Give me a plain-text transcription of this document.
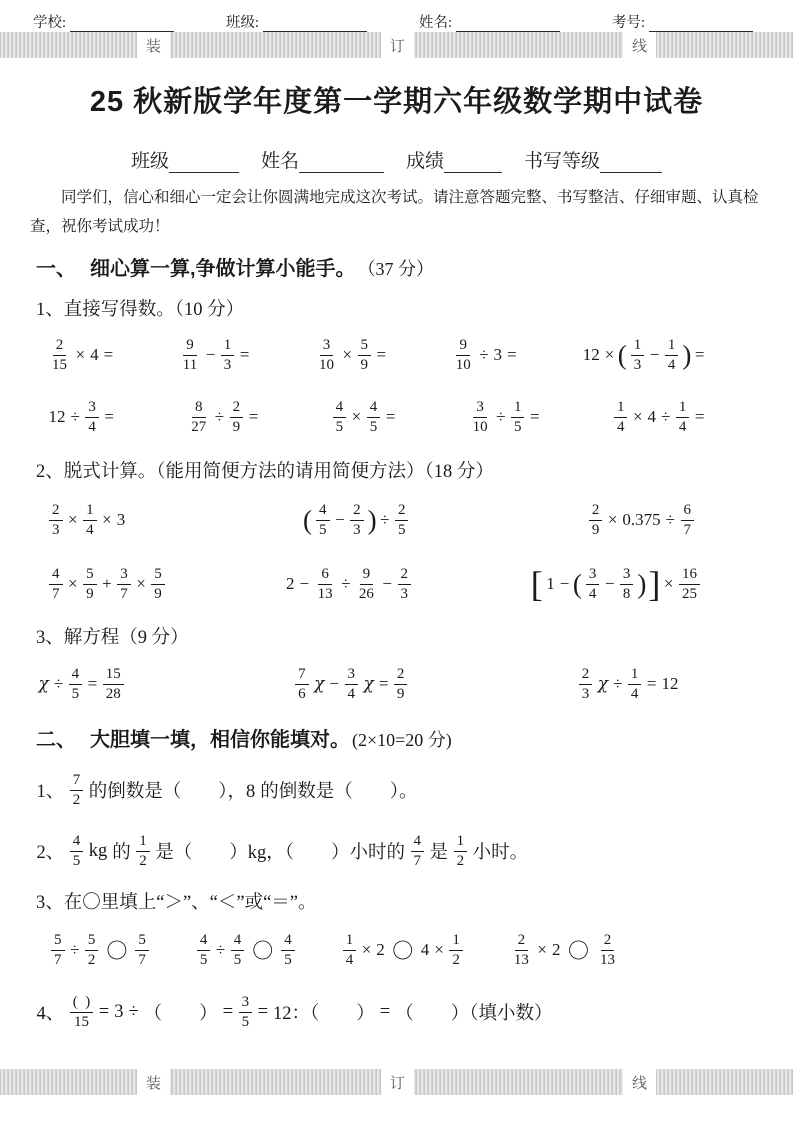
学校:	班级:	姓名:	考号:
装	订	线
25 秋新版学年度第一学期六年级数学期中试卷
班级	姓名	成绩	书写等级
同学们，信心和细心一定会让你圆满地完成这次考试。请注意答题完整、书写整洁、仔细审题、认真检查，祝你考试成功！
一、 细心算一算,争做计算小能手。 （37 分）
1、直接写得数。（10 分）
$\frac{2}{15} \times 4$ =	$\frac{9}{11} - \frac{1}{3}$ =	$\frac{3}{10} \times \frac{5}{9}$ =	$\frac{9}{10} \div 3$ =	12 × ( $\frac{1}{3} - \frac{1}{4}$ ) =
$12 \div \frac{3}{4}$ =	$\frac{8}{27} \div \frac{2}{9}$ =	$\frac{4}{5} \times \frac{4}{5}$ =	$\frac{3}{10} \div \frac{1}{5}$ =	$\frac{1}{4} \times 4 \div \frac{1}{4}$ =
2、脱式计算。（能用简便方法的请用简便方法）（18 分）
$\frac{2}{3} \times \frac{1}{4} \times 3$	( $\frac{4}{5} - \frac{2}{3}$ ) ÷ $\frac{2}{5}$	$\frac{2}{9} \times 0.375 \div \frac{6}{7}$
$\frac{4}{7} \times \frac{5}{9} + \frac{3}{7} \times \frac{5}{9}$	$2 - \frac{6}{13} \div \frac{9}{26} - \frac{2}{3}$	[ 1 − ( $\frac{3}{4} - \frac{3}{8}$ ) ] × $\frac{16}{25}$
3、解方程（9 分）
$\chi \div \frac{4}{5} = \frac{15}{28}$	$\frac{7}{6}$ $\chi - \frac{3}{4}$ $\chi = \frac{2}{9}$	$\frac{2}{3}$ $\chi \div \frac{1}{4} = 12$
二、 大胆填一填，相信你能填对。 (2×10=20 分)
1、 $\frac{7}{2}$ 的倒数是（　　），8 的倒数是（　　）。
2、 $\frac{4}{5}$ kg 的 $\frac{1}{2}$ 是（　　）kg，（　　）小时的 $\frac{4}{7}$ 是 $\frac{1}{2}$ 小时。
3、在〇里填上“＞”、“＜”或“＝”。
$\frac{5}{7} \div \frac{5}{2}$ 〇 $\frac{5}{7}$	$\frac{4}{5} \div \frac{4}{5}$ 〇 $\frac{4}{5}$	$\frac{1}{4} \times 2$ 〇 $4 \times \frac{1}{2}$	$\frac{2}{13} \times 2$ 〇 $\frac{2}{13}$
4、 $\frac{( )}{15} = 3$ ÷ （　　） = $\frac{3}{5} = 12$：（　　） = （　　）（填小数）
装	订	线
